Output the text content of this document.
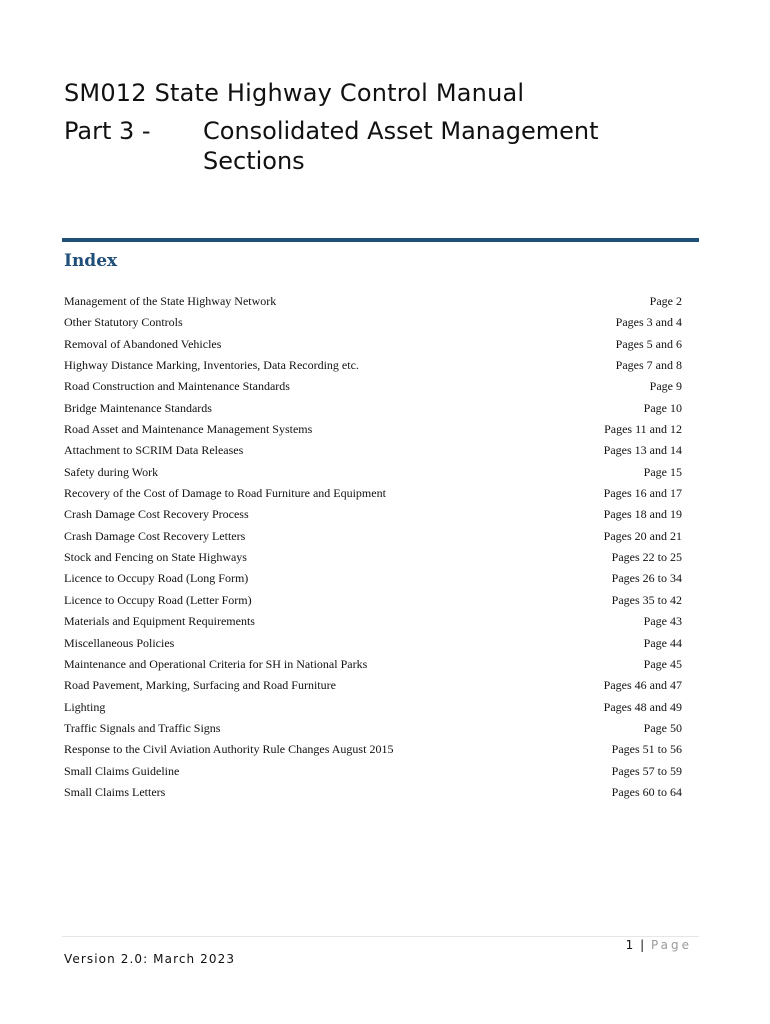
SM012 State Highway Control Manual
Part 3 -	Consolidated Asset Management
Sections
Index
Management of the State Highway Network	Page 2
Other Statutory Controls	Pages 3 and 4
Removal of Abandoned Vehicles	Pages 5 and 6
Highway Distance Marking, Inventories, Data Recording etc.	Pages 7 and 8
Road Construction and Maintenance Standards	Page 9
Bridge Maintenance Standards	Page 10
Road Asset and Maintenance Management Systems	Pages 11 and 12
Attachment to SCRIM Data Releases	Pages 13 and 14
Safety during Work	Page 15
Recovery of the Cost of Damage to Road Furniture and Equipment	Pages 16 and 17
Crash Damage Cost Recovery Process	Pages 18 and 19
Crash Damage Cost Recovery Letters	Pages 20 and 21
Stock and Fencing on State Highways	Pages 22 to 25
Licence to Occupy Road (Long Form)	Pages 26 to 34
Licence to Occupy Road (Letter Form)	Pages 35 to 42
Materials and Equipment Requirements	Page 43
Miscellaneous Policies	Page 44
Maintenance and Operational Criteria for SH in National Parks	Page 45
Road Pavement, Marking, Surfacing and Road Furniture	Pages 46 and 47
Lighting	Pages 48 and 49
Traffic Signals and Traffic Signs	Page 50
Response to the Civil Aviation Authority Rule Changes August 2015	Pages 51 to 56
Small Claims Guideline	Pages 57 to 59
Small Claims Letters	Pages 60 to 64
1 | Page
Version 2.0: March 2023
